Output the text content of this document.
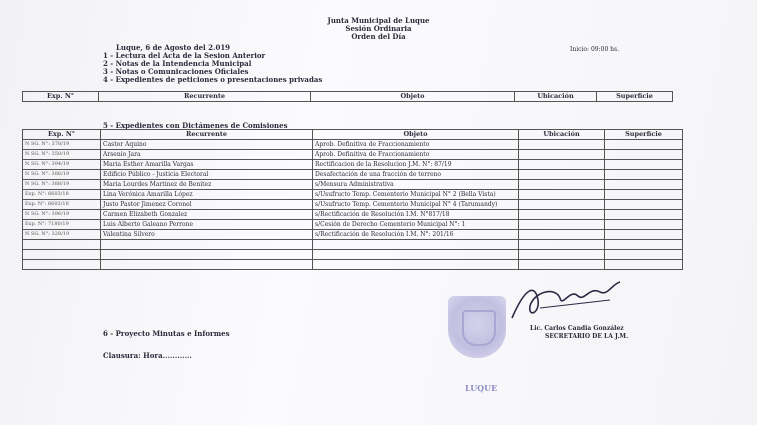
Junta Municipal de Luque
Sesión Ordinaria
Orden del Día
Luque, 6 de Agosto del 2.019	Inicio: 09:00 hs.
1 - Lectura del Acta de la Sesion Anterior
2 - Notas de la Intendencia Municipal
3 - Notas o Comunicaciones Oficiales
4 - Expedientes de peticiones o presentaciones privadas
Exp. N°	Recurrente	Objeto	Ubicación	Superficie
5 - Expedientes con Dictámenes de Comisiones
Exp. N°	Recurrente	Objeto	Ubicación	Superficie
N SG. N°: 378/19	Castor Aquino	Aprob. Definitiva de Fraccionamiento		
N SG. N°: 350/19	Arsenio Jara	Aprob. Definitiva de Fraccionamiento		
N SG. N°: 394/19	Maria Esther Amarilla Vargas	Rectificacion de la Resolucion J.M. N°: 87/19		
N SG. N°: 386/19	Edificio Público - Justicia Electoral	Desafectación de una fracción de terreno		
N SG. N°: 388/19	Maria Lourdes Martinez de Benitez	s/Mensura Administrativa		
Exp. N°: 6603/18	Lina Verónica Amarilla López	s/Usufructo Temp. Cementerio Municipal N° 2 (Bella Vista)		
Exp. N°: 6603/18	Justo Pastor Jimenez Coronel	s/Usufructo Temp. Cementerio Municipal N° 4 (Tarumandy)		
N SG. N°: 396/19	Carmen Elizabeth Gonzalez	s/Rectificación de Resolución I.M. N°817/18		
Exp. N°: 7180/19	Luis Alberto Galeano Perrone	s/Cesión de Derecho Cementerio Municipal N°: 1		
N SG. N°: 328/19	Valentina Silvero	s/Rectificación de Resolución I.M. N°: 201/16		

6 - Proyecto Minutas e Informes
Clausura: Hora............
LUQUE
Lic. Carlos Candia González
SECRETARIO DE LA J.M.
